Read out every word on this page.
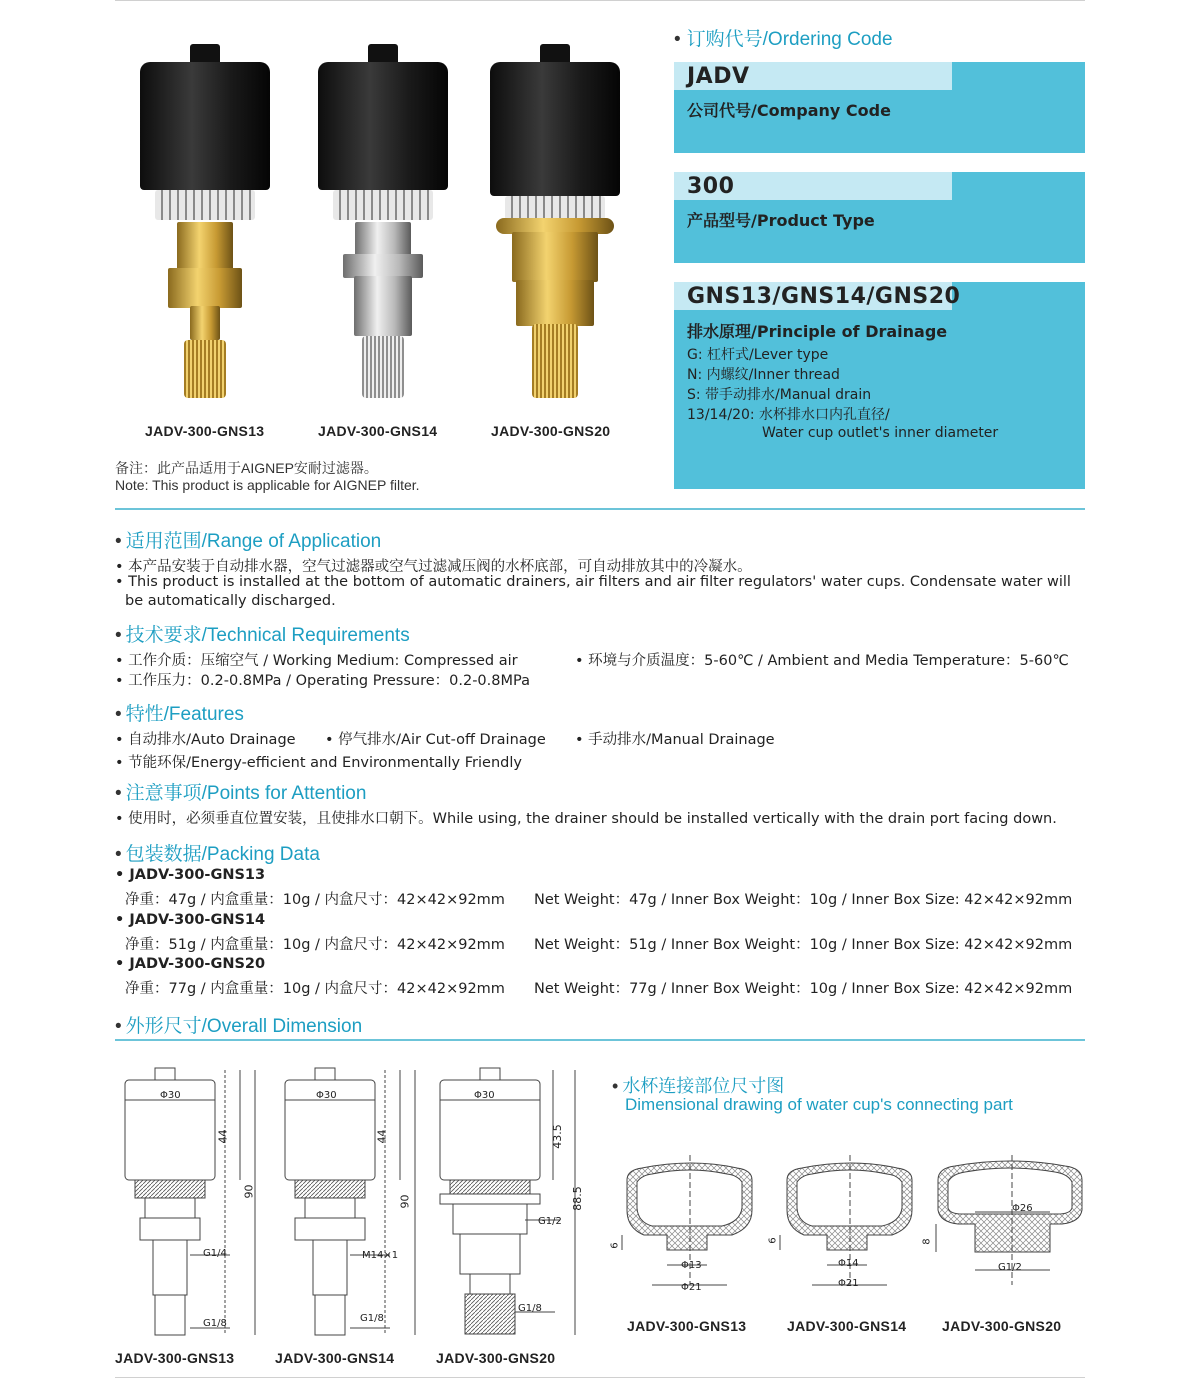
JADV-300-GNS13	JADV-300-GNS14	JADV-300-GNS20
备注：此产品适用于AIGNEP安耐过滤器。
Note: This product is applicable for AIGNEP filter.
• 订购代号/Ordering Code
JADV
公司代号/Company Code
300
产品型号/Product Type
GNS13/GNS14/GNS20
排水原理/Principle of Drainage
G: 杠杆式/Lever type
N: 内螺纹/Inner thread
S: 带手动排水/Manual drain
13/14/20: 水杯排水口内孔直径/
Water cup outlet's inner diameter
• 适用范围/Range of Application
• 本产品安装于自动排水器，空气过滤器或空气过滤减压阀的水杯底部，可自动排放其中的冷凝水。
• This product is installed at the bottom of automatic drainers, air filters and air filter regulators' water cups. Condensate water will
be automatically discharged.
• 技术要求/Technical Requirements
• 工作介质：压缩空气 / Working Medium: Compressed air	• 环境与介质温度：5-60℃ / Ambient and Media Temperature：5-60℃
• 工作压力：0.2-0.8MPa / Operating Pressure：0.2-0.8MPa
• 特性/Features
• 自动排水/Auto Drainage	• 停气排水/Air Cut-off Drainage	• 手动排水/Manual Drainage
• 节能环保/Energy-efficient and Environmentally Friendly
• 注意事项/Points for Attention
• 使用时，必须垂直位置安装，且使排水口朝下。While using, the drainer should be installed vertically with the drain port facing down.
• 包装数据/Packing Data
• JADV-300-GNS13
净重：47g / 内盒重量：10g / 内盒尺寸：42×42×92mm Net Weight：47g / Inner Box Weight：10g / Inner Box Size: 42×42×92mm
• JADV-300-GNS14
净重：51g / 内盒重量：10g / 内盒尺寸：42×42×92mm Net Weight：51g / Inner Box Weight：10g / Inner Box Size: 42×42×92mm
• JADV-300-GNS20
净重：77g / 内盒重量：10g / 内盒尺寸：42×42×92mm Net Weight：77g / Inner Box Weight：10g / Inner Box Size: 42×42×92mm
• 外形尺寸/Overall Dimension
Φ30
44
90
G1/4
G1/8
JADV-300-GNS13
Φ30
44
90
M14×1
G1/8
JADV-300-GNS14
Φ30
43.5
88.5
G1/2
G1/8
JADV-300-GNS20
• 水杯连接部位尺寸图
Dimensional drawing of water cup's connecting part
6
Φ13
Φ21
JADV-300-GNS13
6
Φ14
Φ21
JADV-300-GNS14
8
Φ26
G1/2
JADV-300-GNS20
